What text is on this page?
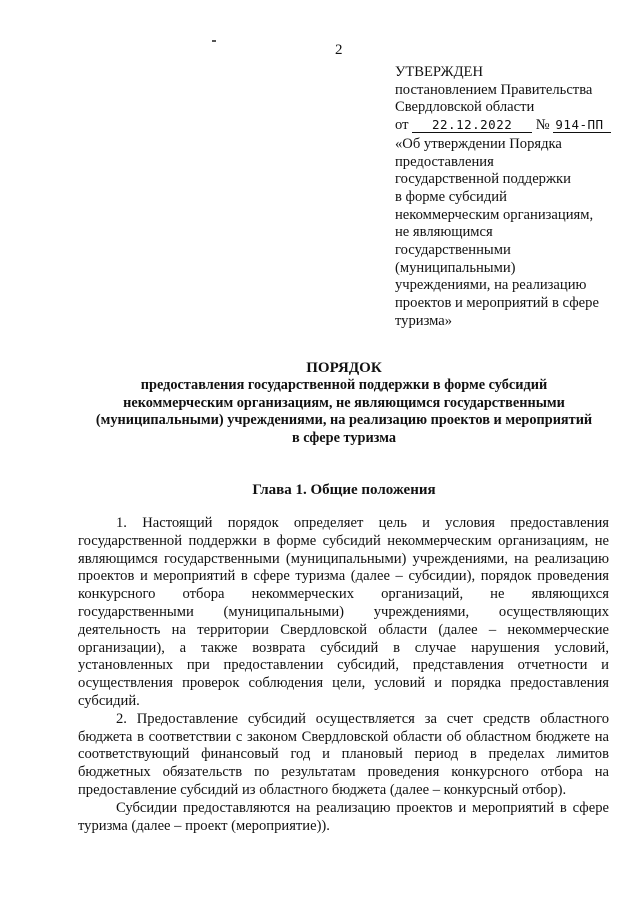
2
УТВЕРЖДЕН
постановлением Правительства
Свердловской области
от 22.12.2022 № 914-ПП
«Об утверждении Порядка
предоставления
государственной поддержки
в форме субсидий
некоммерческим организациям,
не являющимся
государственными
(муниципальными)
учреждениями, на реализацию
проектов и мероприятий в сфере
туризма»
ПОРЯДОК
предоставления государственной поддержки в форме субсидий
некоммерческим организациям, не являющимся государственными
(муниципальными) учреждениями, на реализацию проектов и мероприятий
в сфере туризма
Глава 1. Общие положения

1. Настоящий порядок определяет цель и условия предоставления государственной поддержки в форме субсидий некоммерческим организациям, не являющимся государственными (муниципальными) учреждениями, на реализацию проектов и мероприятий в сфере туризма (далее – субсидии), порядок проведения конкурсного отбора некоммерческих организаций, не являющихся государственными (муниципальными) учреждениями, осуществляющих деятельность на территории Свердловской области (далее – некоммерческие организации), а также возврата субсидий в случае нарушения условий, установленных при предоставлении субсидий, представления отчетности и осуществления проверок соблюдения цели, условий и порядка предоставления субсидий.

2. Предоставление субсидий осуществляется за счет средств областного бюджета в соответствии с законом Свердловской области об областном бюджете на соответствующий финансовый год и плановый период в пределах лимитов бюджетных обязательств по результатам проведения конкурсного отбора на предоставление субсидий из областного бюджета (далее – конкурсный отбор).

Субсидии предоставляются на реализацию проектов и мероприятий в сфере туризма (далее – проект (мероприятие)).
